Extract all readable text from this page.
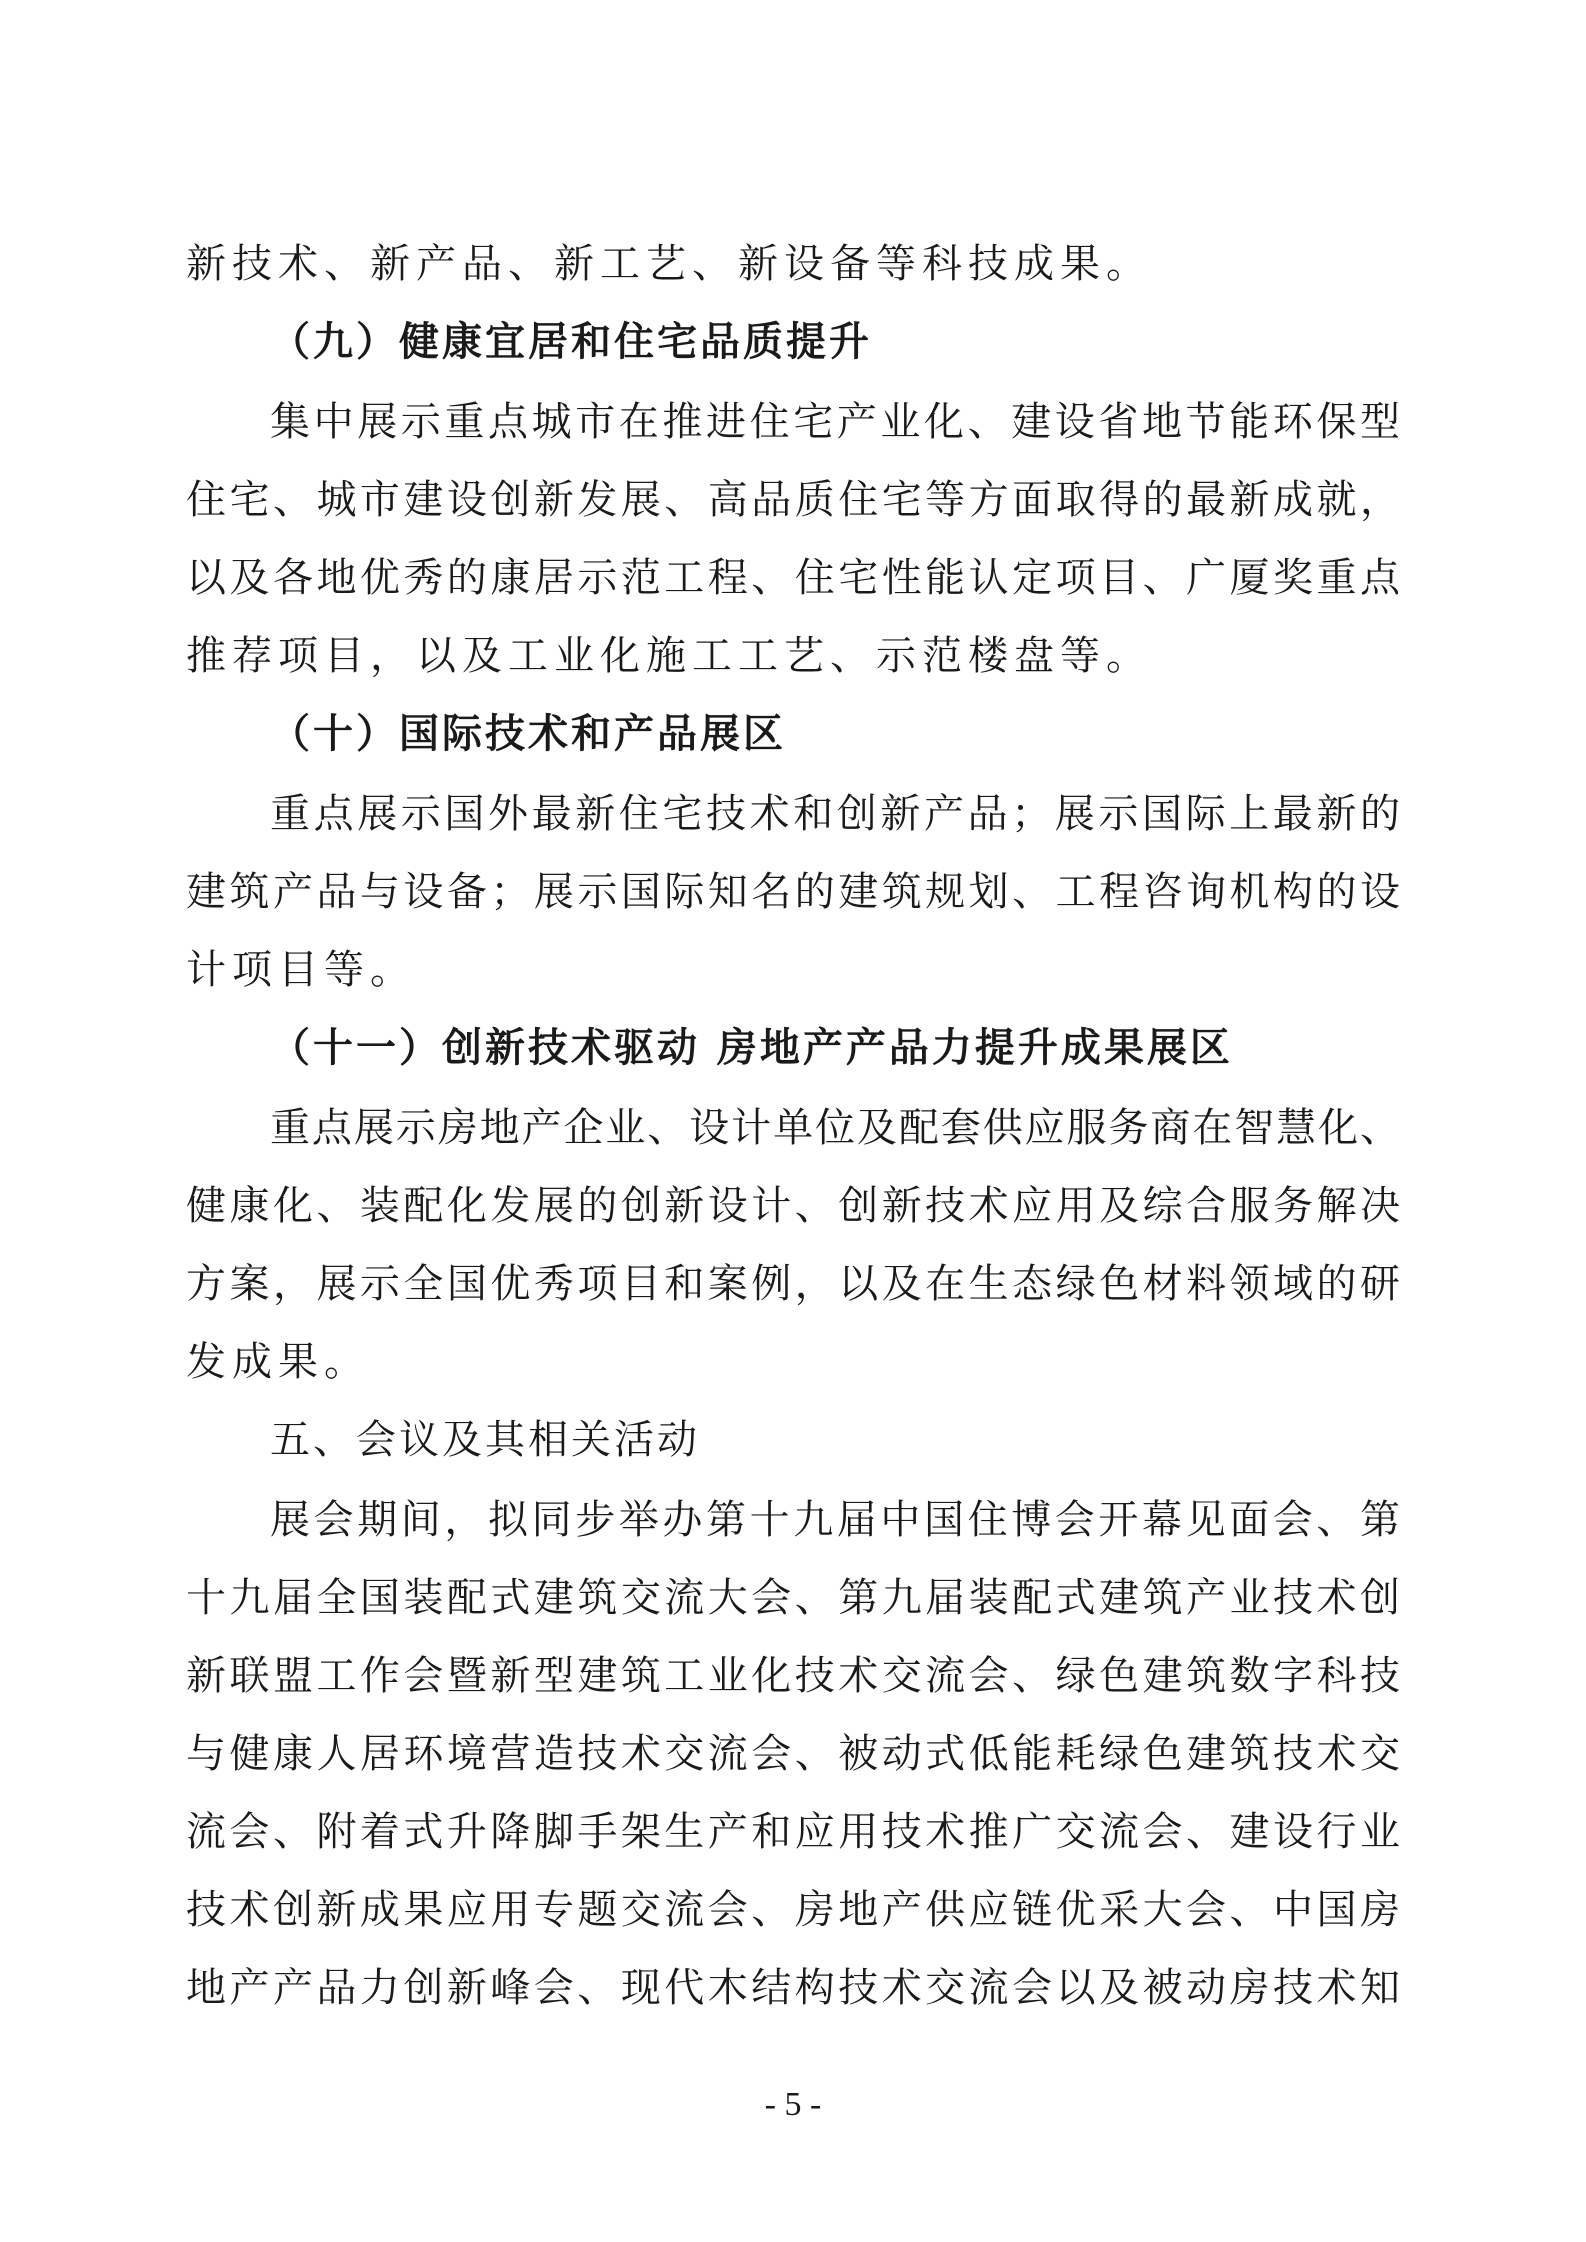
新技术、新产品、新工艺、新设备等科技成果。
（九）健康宜居和住宅品质提升
集中展示重点城市在推进住宅产业化、建设省地节能环保型
住宅、城市建设创新发展、高品质住宅等方面取得的最新成就，
以及各地优秀的康居示范工程、住宅性能认定项目、广厦奖重点
推荐项目，以及工业化施工工艺、示范楼盘等。
（十）国际技术和产品展区
重点展示国外最新住宅技术和创新产品；展示国际上最新的
建筑产品与设备；展示国际知名的建筑规划、工程咨询机构的设
计项目等。
（十一）创新技术驱动 房地产产品力提升成果展区
重点展示房地产企业、设计单位及配套供应服务商在智慧化、
健康化、装配化发展的创新设计、创新技术应用及综合服务解决
方案，展示全国优秀项目和案例，以及在生态绿色材料领域的研
发成果。
五、会议及其相关活动
展会期间，拟同步举办第十九届中国住博会开幕见面会、第
十九届全国装配式建筑交流大会、第九届装配式建筑产业技术创
新联盟工作会暨新型建筑工业化技术交流会、绿色建筑数字科技
与健康人居环境营造技术交流会、被动式低能耗绿色建筑技术交
流会、附着式升降脚手架生产和应用技术推广交流会、建设行业
技术创新成果应用专题交流会、房地产供应链优采大会、中国房
地产产品力创新峰会、现代木结构技术交流会以及被动房技术知
- 5 -
